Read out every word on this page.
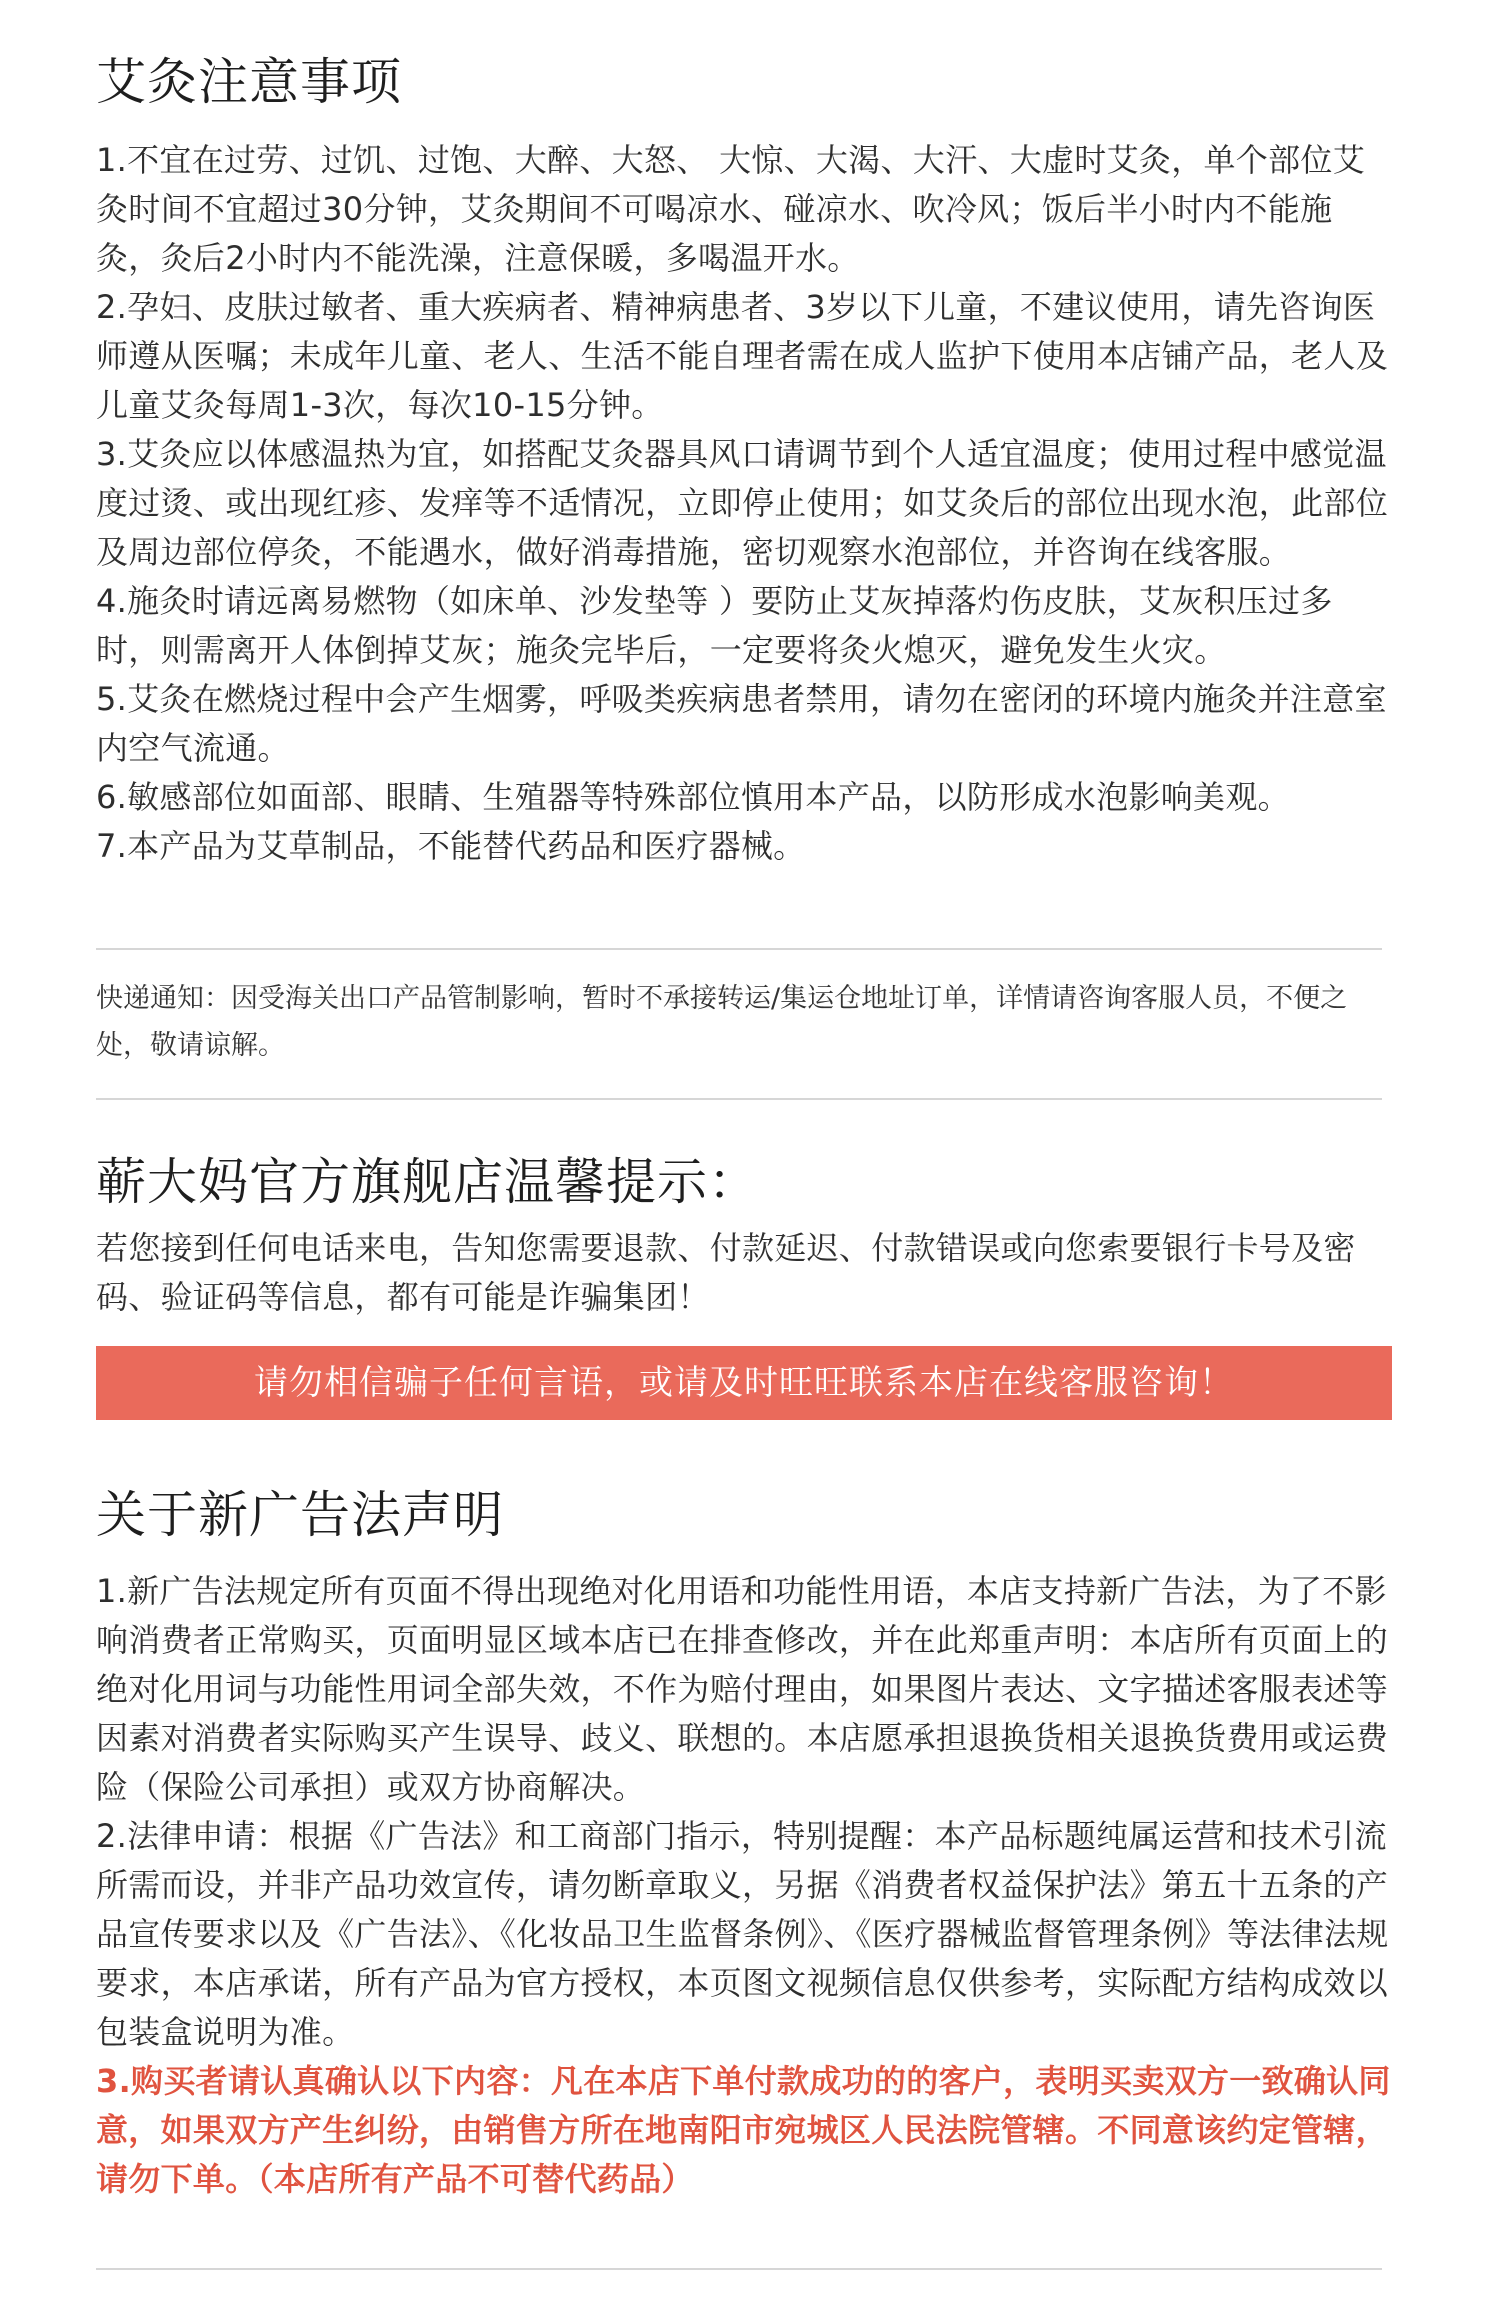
艾灸注意事项

1.不宜在过劳、过饥、过饱、大醉、大怒、 大惊、大渴、大汗、大虚时艾灸，单个部位艾灸时间不宜超过30分钟，艾灸期间不可喝凉水、碰凉水、吹冷风；饭后半小时内不能施灸，灸后2小时内不能洗澡，注意保暖，多喝温开水。

2.孕妇、皮肤过敏者、重大疾病者、精神病患者、3岁以下儿童，不建议使用，请先咨询医师遵从医嘱；未成年儿童、老人、生活不能自理者需在成人监护下使用本店铺产品，老人及儿童艾灸每周1-3次，每次10-15分钟。

3.艾灸应以体感温热为宜，如搭配艾灸器具风口请调节到个人适宜温度；使用过程中感觉温度过烫、或出现红疹、发痒等不适情况，立即停止使用；如艾灸后的部位出现水泡，此部位及周边部位停灸，不能遇水，做好消毒措施，密切观察水泡部位，并咨询在线客服。

4.施灸时请远离易燃物（如床单、沙发垫等 ）要防止艾灰掉落灼伤皮肤，艾灰积压过多时，则需离开人体倒掉艾灰；施灸完毕后，一定要将灸火熄灭，避免发生火灾。

5.艾灸在燃烧过程中会产生烟雾，呼吸类疾病患者禁用，请勿在密闭的环境内施灸并注意室内空气流通。

6.敏感部位如面部、眼睛、生殖器等特殊部位慎用本产品，以防形成水泡影响美观。

7.本产品为艾草制品，不能替代药品和医疗器械。

快递通知：因受海关出口产品管制影响，暂时不承接转运/集运仓地址订单，详情请咨询客服人员，不便之处，敬请谅解。

蕲大妈官方旗舰店温馨提示：

若您接到任何电话来电，告知您需要退款、付款延迟、付款错误或向您索要银行卡号及密码、验证码等信息，都有可能是诈骗集团！

请勿相信骗子任何言语，或请及时旺旺联系本店在线客服咨询！
关于新广告法声明

1.新广告法规定所有页面不得出现绝对化用语和功能性用语，本店支持新广告法，为了不影响消费者正常购买，页面明显区域本店已在排查修改，并在此郑重声明：本店所有页面上的绝对化用词与功能性用词全部失效，不作为赔付理由，如果图片表达、文字描述客服表述等因素对消费者实际购买产生误导、歧义、联想的。本店愿承担退换货相关退换货费用或运费险（保险公司承担）或双方协商解决。

2.法律申请：根据《广告法》和工商部门指示，特别提醒：本产品标题纯属运营和技术引流所需而设，并非产品功效宣传，请勿断章取义，另据《消费者权益保护法》第五十五条的产品宣传要求以及《广告法》、《化妆品卫生监督条例》、《医疗器械监督管理条例》等法律法规要求，本店承诺，所有产品为官方授权，本页图文视频信息仅供参考，实际配方结构成效以包装盒说明为准。

3.购买者请认真确认以下内容：凡在本店下单付款成功的的客户，表明买卖双方一致确认同意，如果双方产生纠纷，由销售方所在地南阳市宛城区人民法院管辖。不同意该约定管辖，请勿下单。（本店所有产品不可替代药品）
